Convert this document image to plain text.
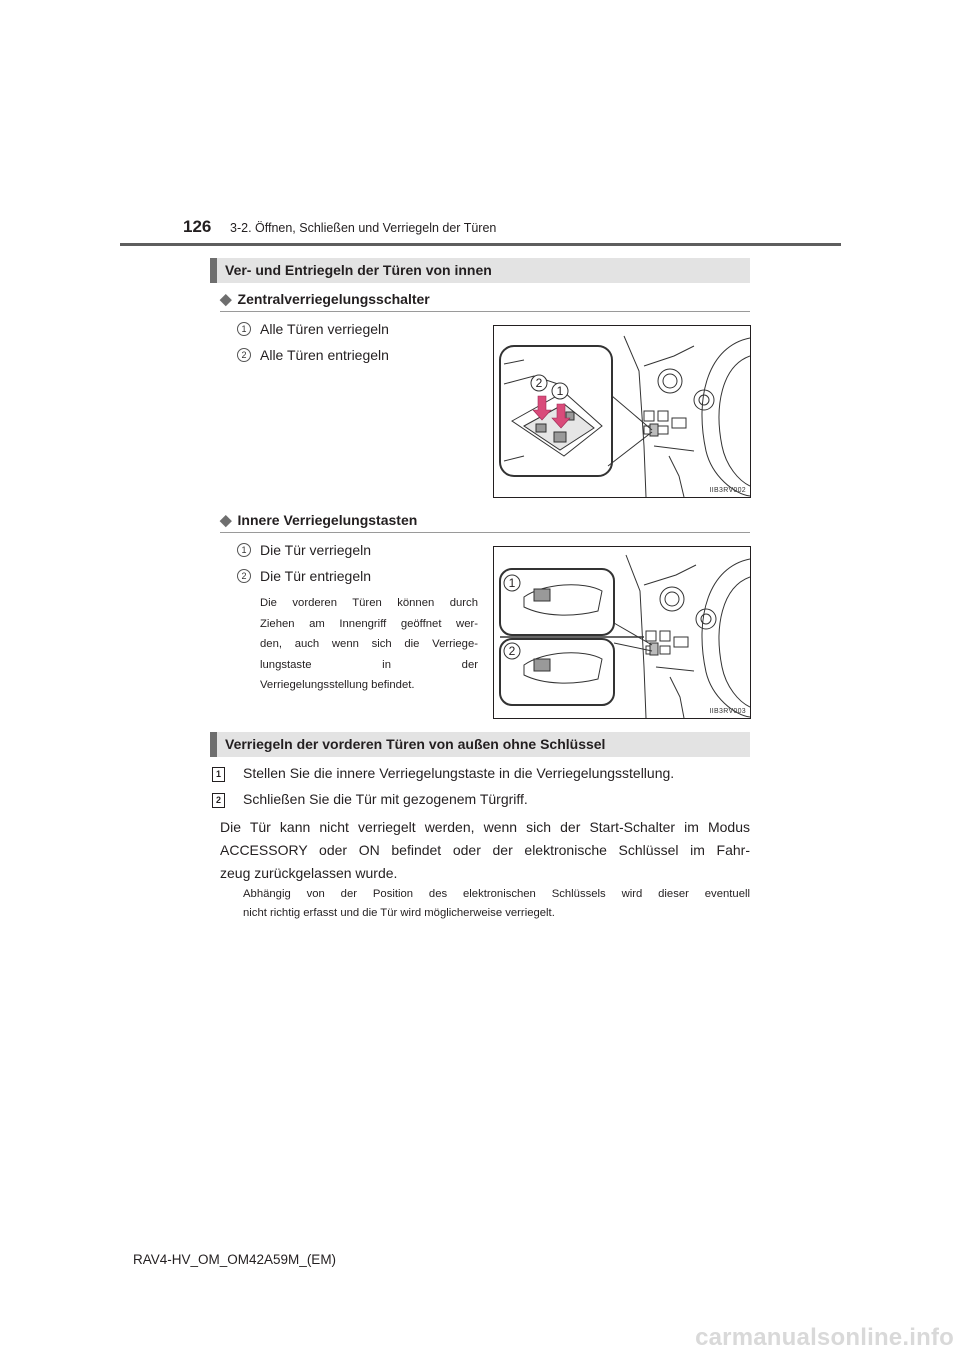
126 3-2. Öffnen, Schließen und Verriegeln der Türen
Ver- und Entriegeln der Türen von innen
◆ Zentralverriegelungsschalter
1 Alle Türen verriegeln
2 Alle Türen entriegeln
2
1
IIB3RV002
◆ Innere Verriegelungstasten
1 Die Tür verriegeln
2 Die Tür entriegeln
Die vorderen Türen können durch
Ziehen am Innengriff geöffnet wer-
den, auch wenn sich die Verriege-
lungstaste in der
Verriegelungsstellung befindet.
1
2
IIB3RV003
Verriegeln der vorderen Türen von außen ohne Schlüssel
1 Stellen Sie die innere Verriegelungstaste in die Verriegelungsstellung.
2 Schließen Sie die Tür mit gezogenem Türgriff.
Die Tür kann nicht verriegelt werden, wenn sich der Start-Schalter im Modus
ACCESSORY oder ON befindet oder der elektronische Schlüssel im Fahr-
zeug zurückgelassen wurde.
Abhängig von der Position des elektronischen Schlüssels wird dieser eventuell
nicht richtig erfasst und die Tür wird möglicherweise verriegelt.
RAV4-HV_OM_OM42A59M_(EM)
carmanualsonline.info
